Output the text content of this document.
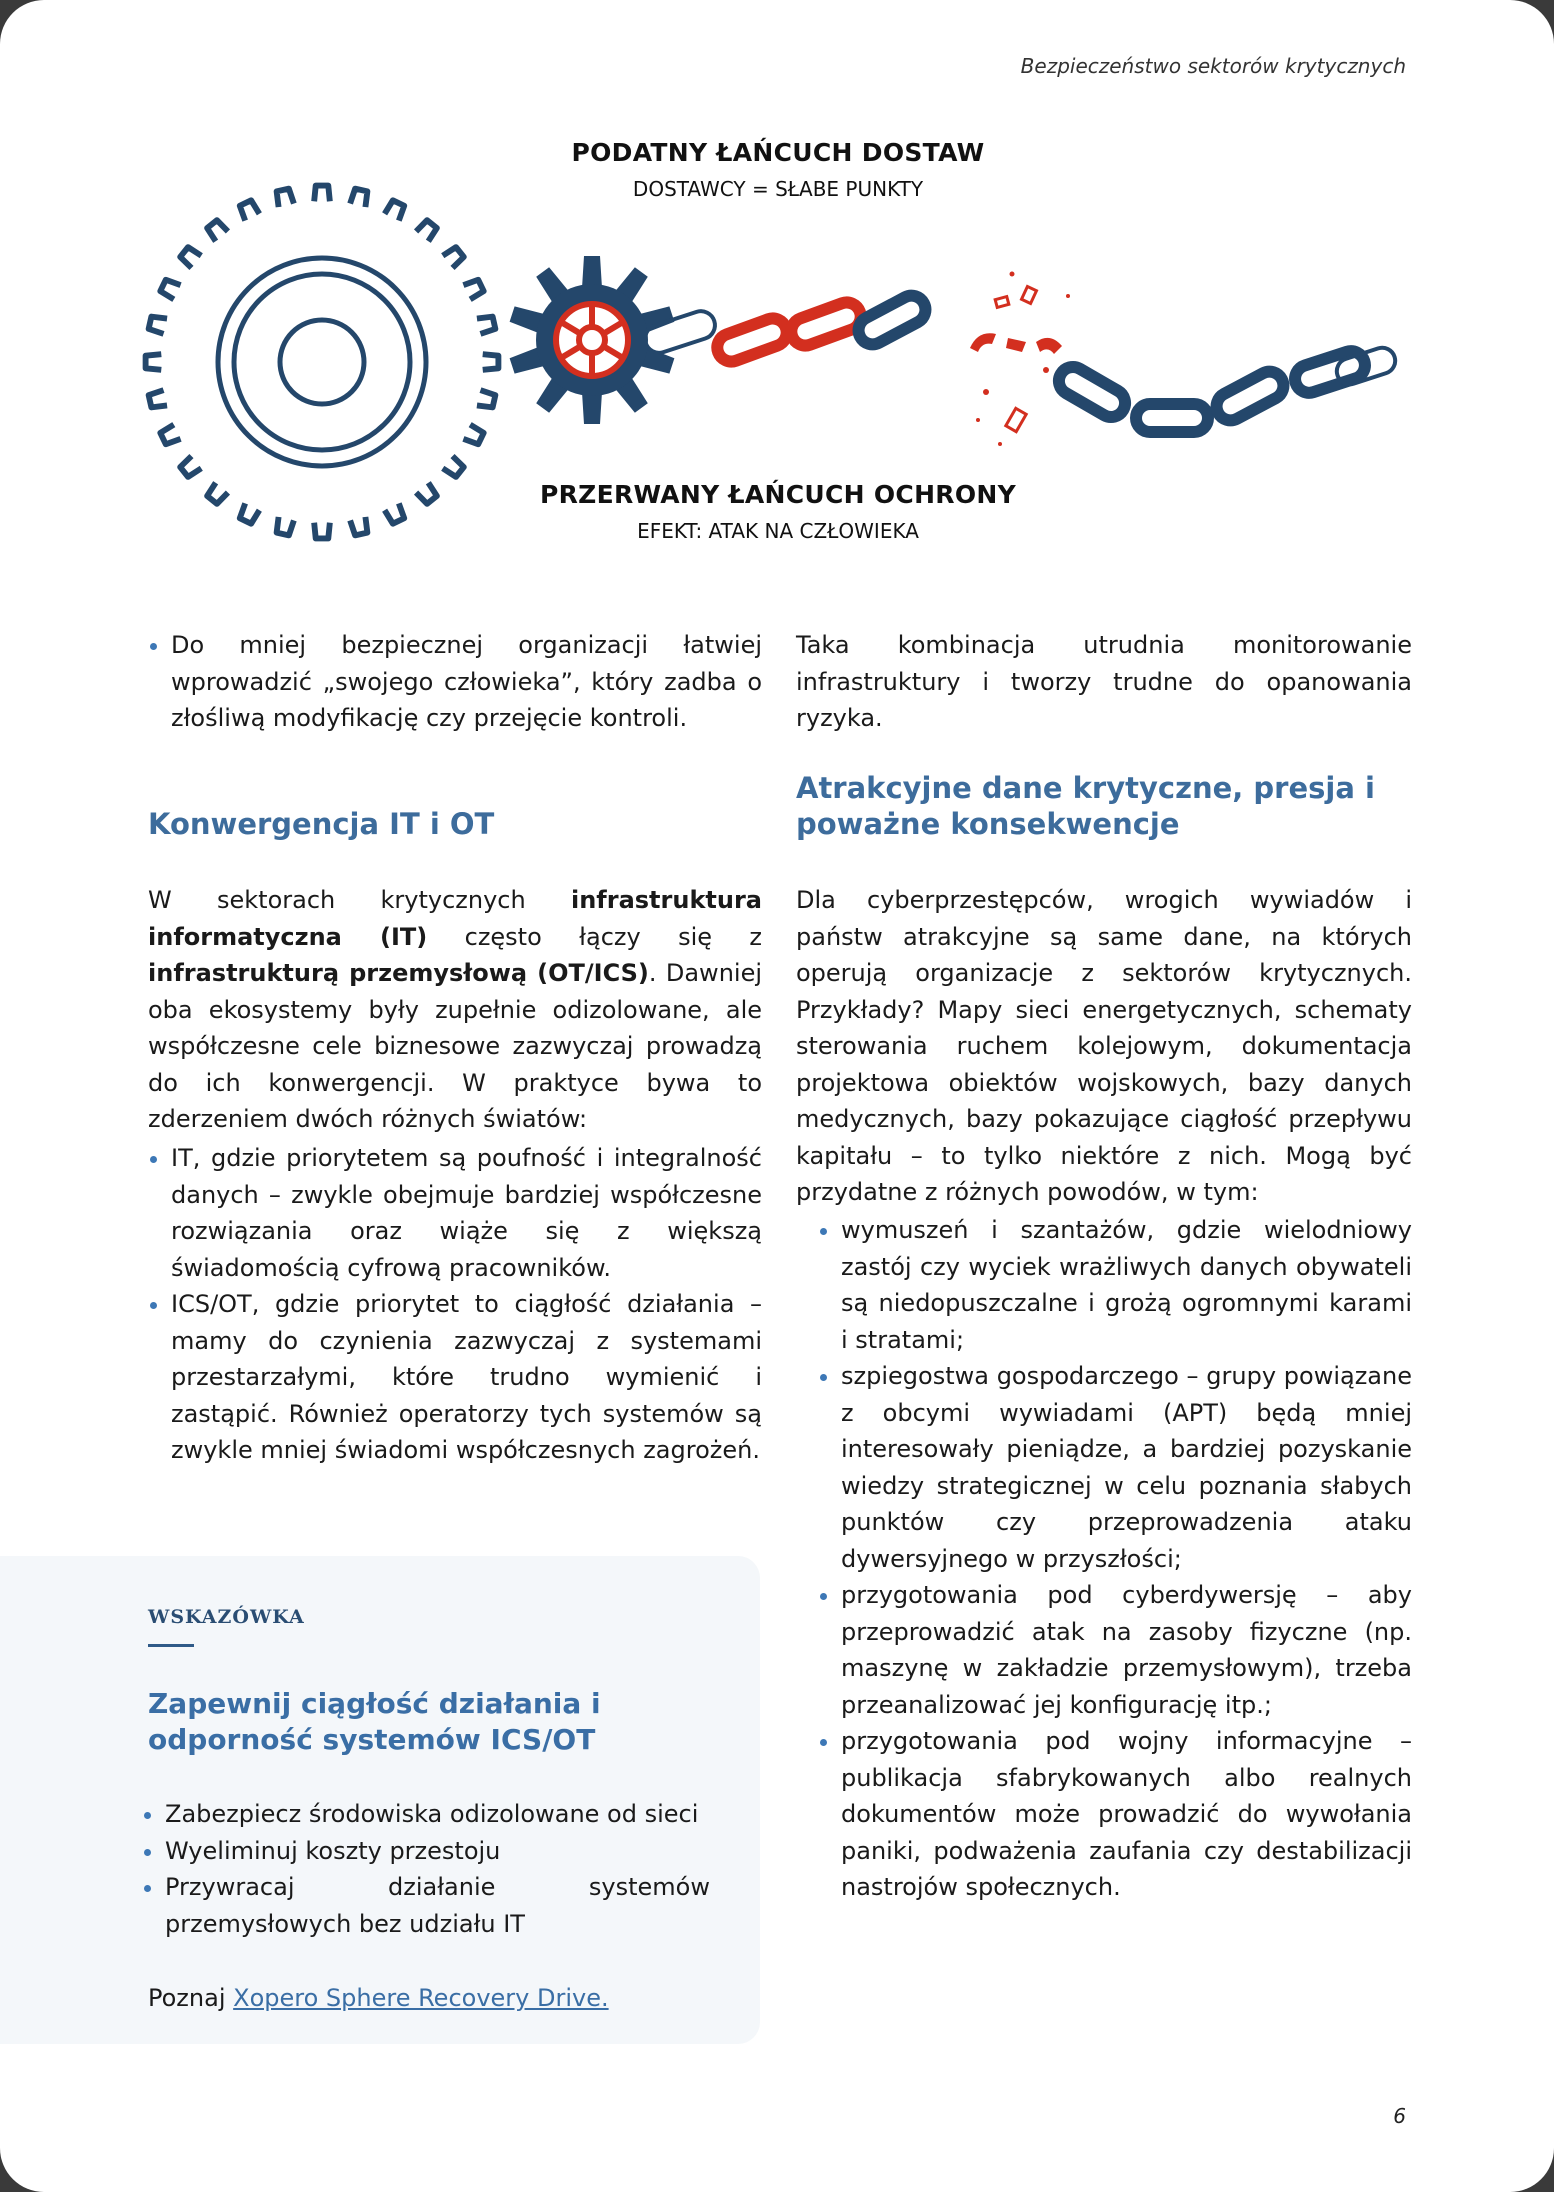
Bezpieczeństwo sektorów krytycznych
PODATNY ŁAŃCUCH DOSTAW
DOSTAWCY = SŁABE PUNKTY
PRZERWANY ŁAŃCUCH OCHRONY
EFEKT: ATAK NA CZŁOWIEKA
Do mniej bezpiecznej organizacji łatwiej wprowadzić „swojego człowieka”, który zadba o złośliwą modyfikację czy przejęcie kontroli.
Konwergencja IT i OT

W sektorach krytycznych infrastruktura informatyczna (IT) często łączy się z infrastrukturą przemysłową (OT/ICS). Dawniej oba ekosystemy były zupełnie odizolowane, ale współczesne cele biznesowe zazwyczaj prowadzą do ich konwergencji. W praktyce bywa to zderzeniem dwóch różnych światów:

IT, gdzie priorytetem są poufność i integralność danych – zwykle obejmuje bardziej współczesne rozwiązania oraz wiąże się z większą świadomością cyfrową pracowników.
ICS/OT, gdzie priorytet to ciągłość działania – mamy do czynienia zazwyczaj z systemami przestarzałymi, które trudno wymienić i zastąpić. Również operatorzy tych systemów są zwykle mniej świadomi współczesnych zagrożeń.
WSKAZÓWKA
Zapewnij ciągłość działania i odporność systemów ICS/OT
Zabezpiecz środowiska odizolowane od sieci
Wyeliminuj koszty przestoju
Przywracaj działanie systemów przemysłowych bez udziału IT
Poznaj Xopero Sphere Recovery Drive.

Taka kombinacja utrudnia monitorowanie infrastruktury i tworzy trudne do opanowania ryzyka.

Atrakcyjne dane krytyczne, presja i poważne konsekwencje

Dla cyberprzestępców, wrogich wywiadów i państw atrakcyjne są same dane, na których operują organizacje z sektorów krytycznych. Przykłady? Mapy sieci energetycznych, schematy sterowania ruchem kolejowym, dokumentacja projektowa obiektów wojskowych, bazy danych medycznych, bazy pokazujące ciągłość przepływu kapitału – to tylko niektóre z nich. Mogą być przydatne z różnych powodów, w tym:

wymuszeń i szantażów, gdzie wielodniowy zastój czy wyciek wrażliwych danych obywateli są niedopuszczalne i grożą ogromnymi karami i stratami;
szpiegostwa gospodarczego – grupy powiązane z obcymi wywiadami (APT) będą mniej interesowały pieniądze, a bardziej pozyskanie wiedzy strategicznej w celu poznania słabych punktów czy przeprowadzenia ataku dywersyjnego w przyszłości;
przygotowania pod cyberdywersję – aby przeprowadzić atak na zasoby fizyczne (np. maszynę w zakładzie przemysłowym), trzeba przeanalizować jej konfigurację itp.;
przygotowania pod wojny informacyjne – publikacja sfabrykowanych albo realnych dokumentów może prowadzić do wywołania paniki, podważenia zaufania czy destabilizacji nastrojów społecznych.
6
